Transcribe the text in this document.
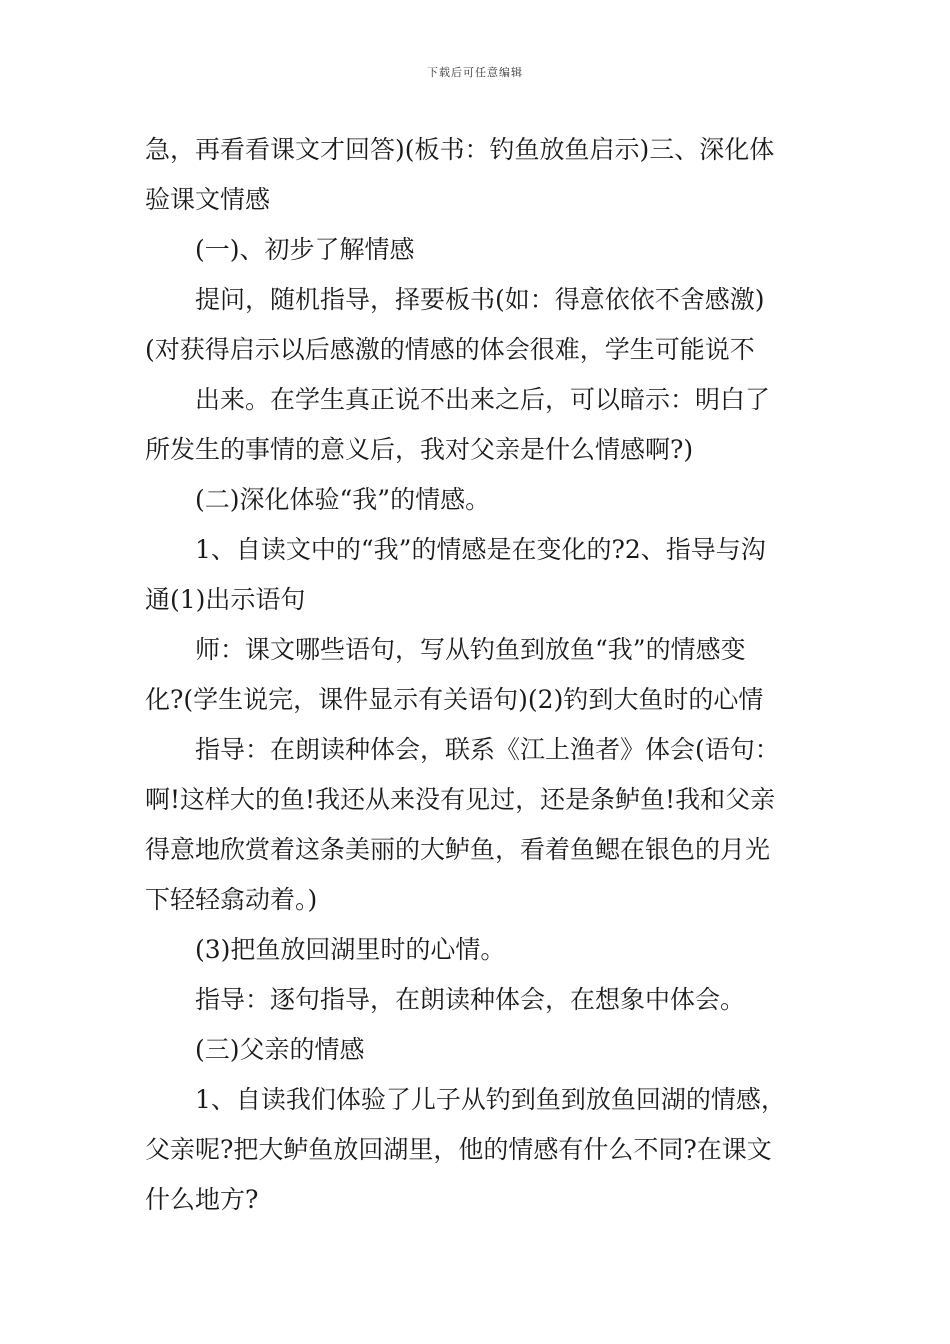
下载后可任意编辑
急，再看看课文才回答)(板书：钓鱼放鱼启示)三、深化体
验课文情感
(一)、初步了解情感
提问，随机指导，择要板书(如：得意依依不舍感激)
(对获得启示以后感激的情感的体会很难，学生可能说不
出来。在学生真正说不出来之后，可以暗示：明白了
所发生的事情的意义后，我对父亲是什么情感啊?)
(二)深化体验“我”的情感。
1、自读文中的“我”的情感是在变化的?2、指导与沟
通(1)出示语句
师：课文哪些语句，写从钓鱼到放鱼“我”的情感变
化?(学生说完，课件显示有关语句)(2)钓到大鱼时的心情
指导：在朗读种体会，联系《江上渔者》体会(语句：
啊!这样大的鱼!我还从来没有见过，还是条鲈鱼!我和父亲
得意地欣赏着这条美丽的大鲈鱼，看着鱼鳃在银色的月光
下轻轻翕动着。)
(3)把鱼放回湖里时的心情。
指导：逐句指导，在朗读种体会，在想象中体会。
(三)父亲的情感
1、自读我们体验了儿子从钓到鱼到放鱼回湖的情感，
父亲呢?把大鲈鱼放回湖里，他的情感有什么不同?在课文
什么地方?
